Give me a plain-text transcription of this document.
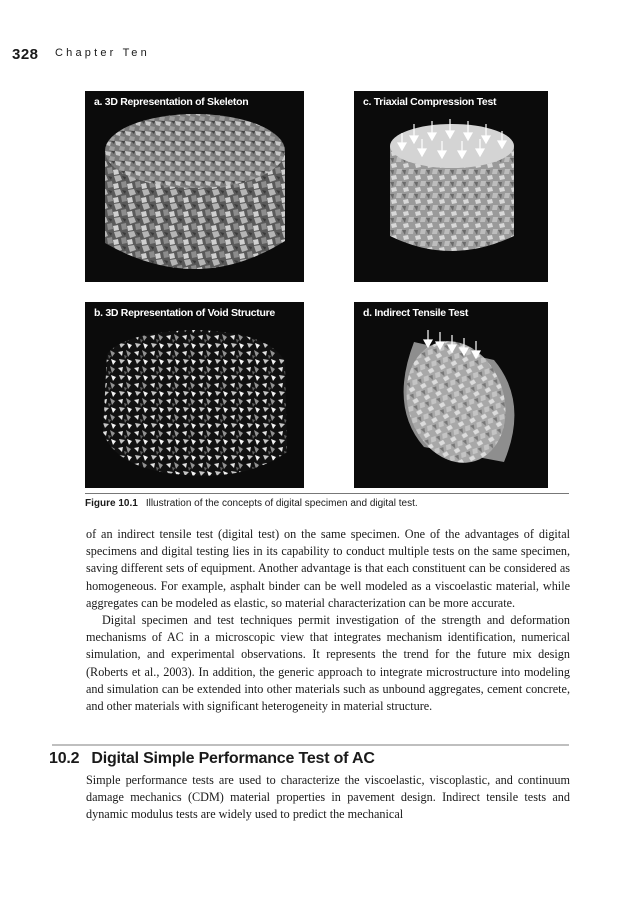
328 Chapter Ten
a. 3D Representation of Skeleton	c. Triaxial Compression Test
b. 3D Representation of Void Structure	d. Indirect Tensile Test
Figure 10.1 Illustration of the concepts of digital specimen and digital test.

of an indirect tensile test (digital test) on the same specimen. One of the advantages of digital specimens and digital testing lies in its capability to conduct multiple tests on the same specimen, saving different sets of equipment. Another advantage is that each constituent can be considered as homogeneous. For example, asphalt binder can be well modeled as a viscoelastic material, while aggregates can be modeled as elastic, so material characterization can be more accurate.

Digital specimen and test techniques permit investigation of the strength and deformation mechanisms of AC in a microscopic view that integrates mechanism identification, numerical simulation, and experimental observations. It represents the trend for the future mix design (Roberts et al., 2003). In addition, the generic approach to integrate microstructure into modeling and simulation can be extended into other materials such as unbound aggregates, cement concrete, and other materials with significant heterogeneity in material structure.

10.2 Digital Simple Performance Test of AC

Simple performance tests are used to characterize the viscoelastic, viscoplastic, and continuum damage mechanics (CDM) material properties in pavement design. Indirect tensile tests and dynamic modulus tests are widely used to predict the mechanical
